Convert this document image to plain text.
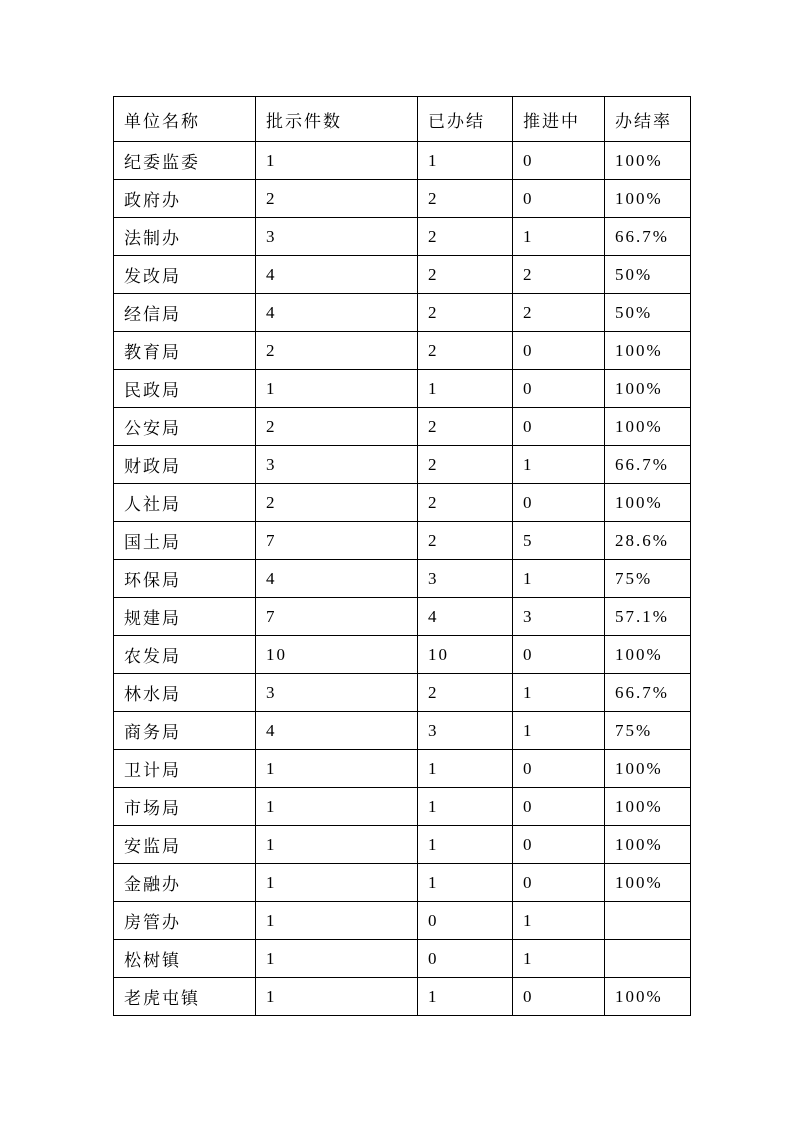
单位名称	批示件数	已办结	推进中	办结率
纪委监委	1	1	0	100%
政府办	2	2	0	100%
法制办	3	2	1	66.7%
发改局	4	2	2	50%
经信局	4	2	2	50%
教育局	2	2	0	100%
民政局	1	1	0	100%
公安局	2	2	0	100%
财政局	3	2	1	66.7%
人社局	2	2	0	100%
国土局	7	2	5	28.6%
环保局	4	3	1	75%
规建局	7	4	3	57.1%
农发局	10	10	0	100%
林水局	3	2	1	66.7%
商务局	4	3	1	75%
卫计局	1	1	0	100%
市场局	1	1	0	100%
安监局	1	1	0	100%
金融办	1	1	0	100%
房管办	1	0	1	
松树镇	1	0	1	
老虎屯镇	1	1	0	100%
